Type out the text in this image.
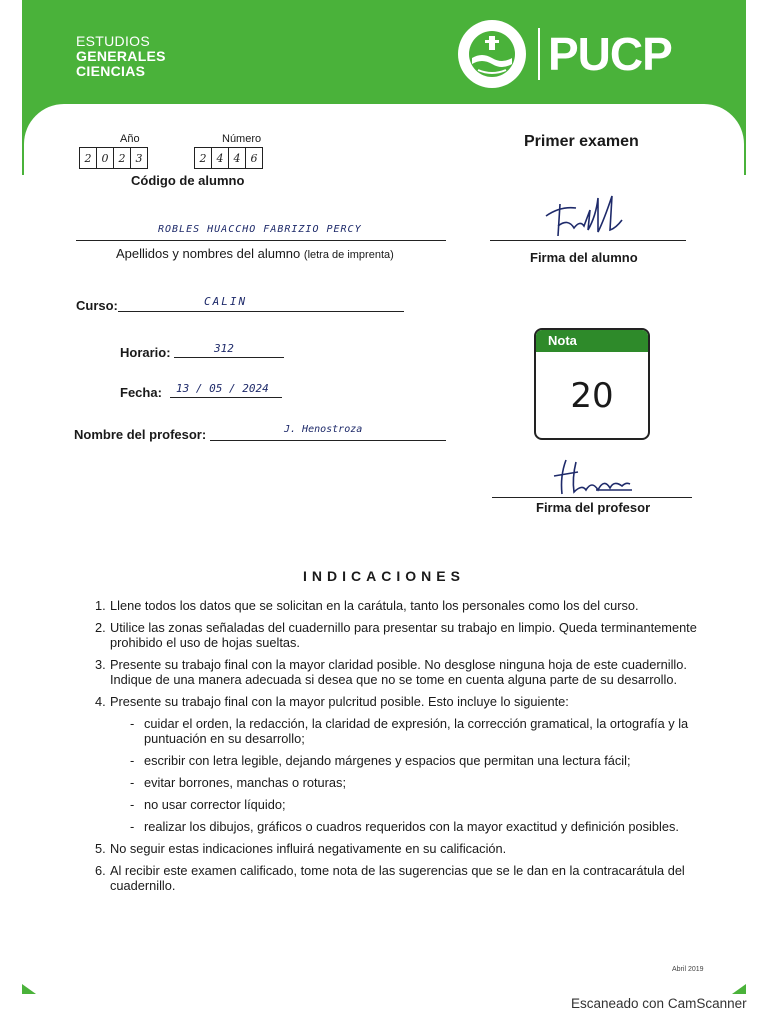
ESTUDIOS
GENERALES
CIENCIAS	PUCP
Primer examen
Año	Número
2 0 2 3	2 4 4 6
Código de alumno
ROBLES HUACCHO FABRIZIO PERCY
Apellidos y nombres del alumno (letra de imprenta)	Firma del alumno
Curso:	CALIN
Horario:	312
Fecha: 13 / 05 / 2024
Nombre del profesor:	J. Henostroza
Nota
20
Firma del profesor
INDICACIONES
1. Llene todos los datos que se solicitan en la carátula, tanto los personales como los del curso.
2. Utilice las zonas señaladas del cuadernillo para presentar su trabajo en limpio. Queda terminantemente prohibido el uso de hojas sueltas.
3. Presente su trabajo final con la mayor claridad posible. No desglose ninguna hoja de este cuadernillo. Indique de una manera adecuada si desea que no se tome en cuenta alguna parte de su desarrollo.
4. Presente su trabajo final con la mayor pulcritud posible. Esto incluye lo siguiente:
- cuidar el orden, la redacción, la claridad de expresión, la corrección gramatical, la ortografía y la puntuación en su desarrollo;
- escribir con letra legible, dejando márgenes y espacios que permitan una lectura fácil;
- evitar borrones, manchas o roturas;
- no usar corrector líquido;
- realizar los dibujos, gráficos o cuadros requeridos con la mayor exactitud y definición posibles.
5. No seguir estas indicaciones influirá negativamente en su calificación.
6. Al recibir este examen calificado, tome nota de las sugerencias que se le dan en la contracarátula del cuadernillo.
Abril 2019
Escaneado con CamScanner
